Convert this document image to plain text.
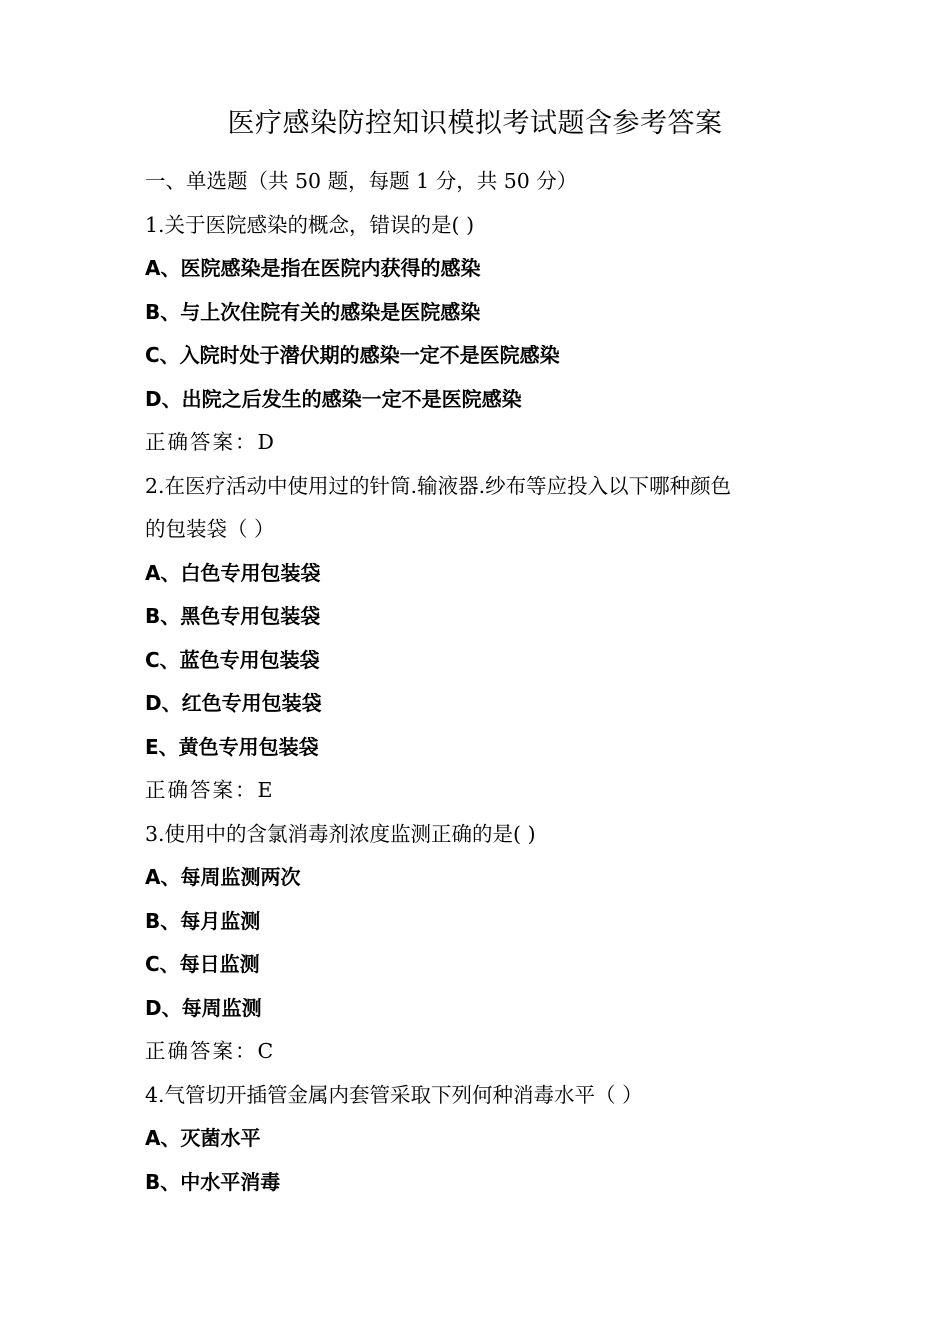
医疗感染防控知识模拟考试题含参考答案
一、单选题（共 50 题，每题 1 分，共 50 分）
1.关于医院感染的概念，错误的是( )
A、医院感染是指在医院内获得的感染
B、与上次住院有关的感染是医院感染
C、入院时处于潜伏期的感染一定不是医院感染
D、出院之后发生的感染一定不是医院感染
正确答案：D
2.在医疗活动中使用过的针筒.输液器.纱布等应投入以下哪种颜色
的包装袋（ ）
A、白色专用包装袋
B、黑色专用包装袋
C、蓝色专用包装袋
D、红色专用包装袋
E、黄色专用包装袋
正确答案：E
3.使用中的含氯消毒剂浓度监测正确的是( )
A、每周监测两次
B、每月监测
C、每日监测
D、每周监测
正确答案：C
4.气管切开插管金属内套管采取下列何种消毒水平（ ）
A、灭菌水平
B、中水平消毒
